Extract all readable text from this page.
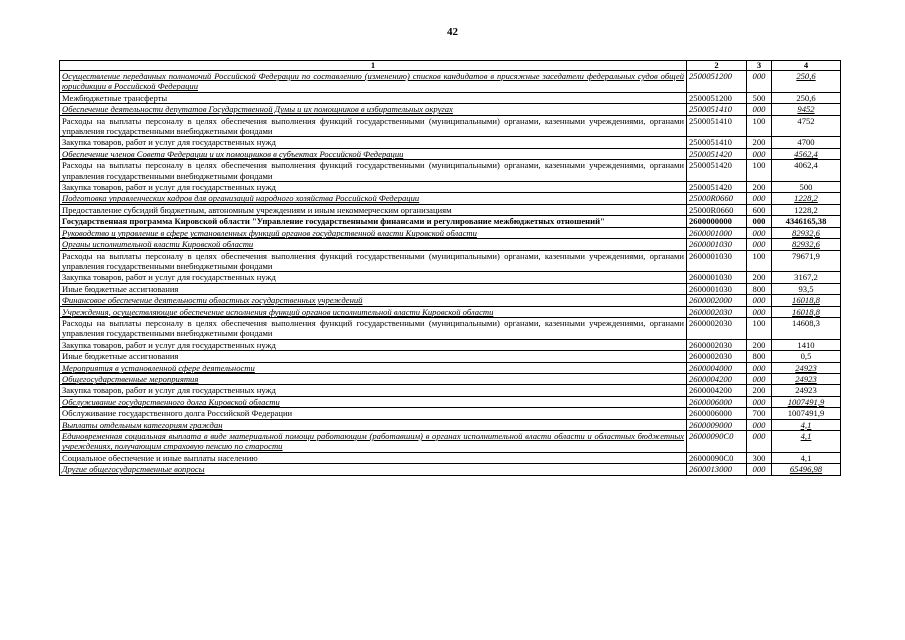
42
1	2	3	4
Осуществление переданных полномочий Российской Федерации по составлению (изменению) списков кандидатов в присяжные заседатели федеральных судов общей юрисдикции в Российской Федерации	2500051200	000	250,6
Межбюджетные трансферты	2500051200	500	250,6
Обеспечение деятельности депутатов Государственной Думы и их помощников в избирательных округах	2500051410	000	9452
Расходы на выплаты персоналу в целях обеспечения выполнения функций государственными (муниципальными) органами, казенными учреждениями, органами управления государственными внебюджетными фондами	2500051410	100	4752
Закупка товаров, работ и услуг для государственных нужд	2500051410	200	4700
Обеспечение членов Совета Федерации и их помощников в субъектах Российской Федерации	2500051420	000	4562,4
Расходы на выплаты персоналу в целях обеспечения выполнения функций государственными (муниципальными) органами, казенными учреждениями, органами управления государственными внебюджетными фондами	2500051420	100	4062,4
Закупка товаров, работ и услуг для государственных нужд	2500051420	200	500
Подготовка управленческих кадров для организаций народного хозяйства Российской Федерации	25000R0660	000	1228,2
Предоставление субсидий бюджетным, автономным учреждениям и иным некоммерческим организациям	25000R0660	600	1228,2
Государственная программа Кировской области "Управление государственными финансами и регулирование межбюджетных отношений"	2600000000	000	4346165,38
Руководство и управление в сфере установленных функций органов государственной власти Кировской области	2600001000	000	82932,6
Органы исполнительной власти Кировской области	2600001030	000	82932,6
Расходы на выплаты персоналу в целях обеспечения выполнения функций государственными (муниципальными) органами, казенными учреждениями, органами управления государственными внебюджетными фондами	2600001030	100	79671,9
Закупка товаров, работ и услуг для государственных нужд	2600001030	200	3167,2
Иные бюджетные ассигнования	2600001030	800	93,5
Финансовое обеспечение деятельности областных государственных учреждений	2600002000	000	16018,8
Учреждения, осуществляющие обеспечение исполнения функций органов исполнительной власти Кировской области	2600002030	000	16018,8
Расходы на выплаты персоналу в целях обеспечения выполнения функций государственными (муниципальными) органами, казенными учреждениями, органами управления государственными внебюджетными фондами	2600002030	100	14608,3
Закупка товаров, работ и услуг для государственных нужд	2600002030	200	1410
Иные бюджетные ассигнования	2600002030	800	0,5
Мероприятия в установленной сфере деятельности	2600004000	000	24923
Общегосударственные мероприятия	2600004200	000	24923
Закупка товаров, работ и услуг для государственных нужд	2600004200	200	24923
Обслуживание государственного долга Кировской области	2600006000	000	1007491,9
Обслуживание государственного долга Российской Федерации	2600006000	700	1007491,9
Выплаты отдельным категориям граждан	2600009000	000	4,1
Единовременная социальная выплата в виде материальной помощи работающим (работавшим) в органах исполнительной власти области и областных бюджетных учреждениях, получающим страховую пенсию по старости	26000090С0	000	4,1
Социальное обеспечение и иные выплаты населению	26000090С0	300	4,1
Другие общегосударственные вопросы	2600013000	000	65496,98
